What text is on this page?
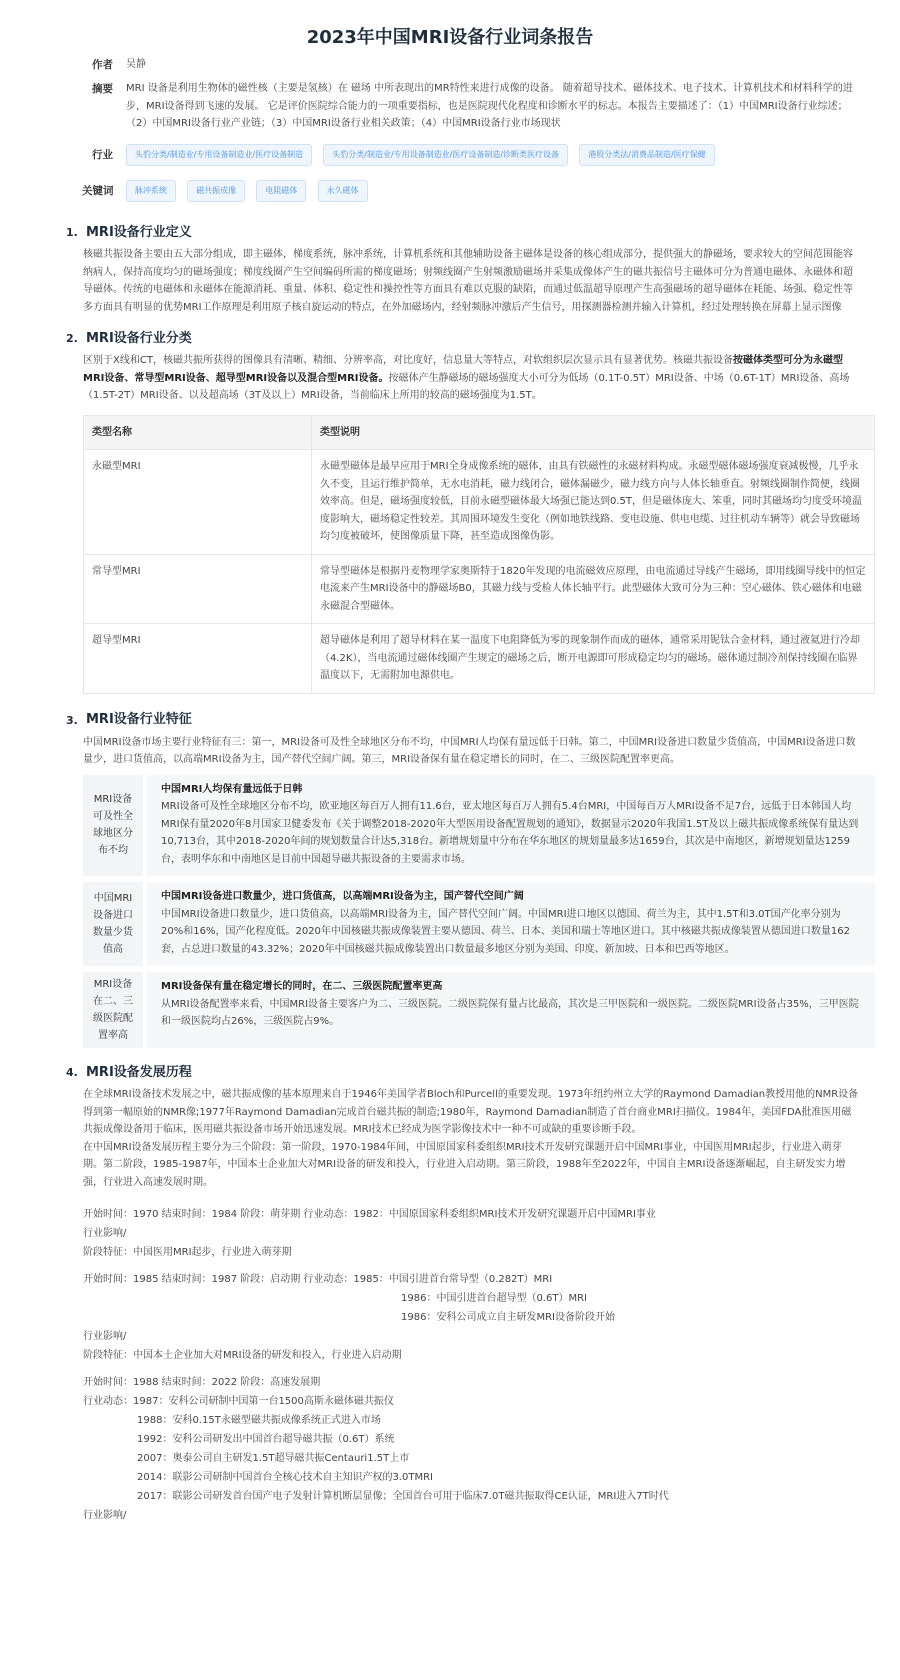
2023年中国MRI设备行业词条报告
作者	吴静
摘要	MRI 设备是利用生物体的磁性核（主要是氢核）在 磁场 中所表现出的MR特性来进行成像的设备。 随着超导技术、磁体技术、电子技术、计算机技术和材料科学的进步，MRI设备得到飞速的发展。 它是评价医院综合能力的一项重要指标，也是医院现代化程度和诊断水平的标志。本报告主要描述了：（1）中国MRI设备行业综述；（2）中国MRI设备行业产业链；（3）中国MRI设备行业相关政策；（4）中国MRI设备行业市场现状
行业	头豹分类/制造业/专用设备制造业/医疗设备制造	头豹分类/制造业/专用设备制造业/医疗设备制造/诊断类医疗设备	港股分类法/消费品制造/医疗保健
关键词	脉冲系统	磁共振成像	电阻磁体	永久磁体
1. MRI设备行业定义
核磁共振设备主要由五大部分组成，即主磁体，梯度系统，脉冲系统，计算机系统和其他辅助设备主磁体是设备的核心组成部分，提供强大的静磁场，要求较大的空间范围能容纳病人，保持高度均匀的磁场强度；梯度线圈产生空间编码所需的梯度磁场；射频线圈产生射频激励磁场并采集成像体产生的磁共振信号主磁体可分为普通电磁体、永磁体和超导磁体。传统的电磁体和永磁体在能源消耗、重量、体积、稳定性和操控性等方面具有难以克服的缺陷，而通过低温超导原理产生高强磁场的超导磁体在耗能、场强、稳定性等多方面具有明显的优势MRI工作原理是利用原子核自旋运动的特点，在外加磁场内，经射频脉冲激后产生信号，用探测器检测并输入计算机，经过处理转换在屏幕上显示图像
2. MRI设备行业分类
区别于X线和CT，核磁共振所获得的图像具有清晰、精细、分辨率高，对比度好，信息量大等特点，对软组织层次显示具有显著优势。核磁共振设备按磁体类型可分为永磁型MRI设备、常导型MRI设备、超导型MRI设备以及混合型MRI设备。按磁体产生静磁场的磁场强度大小可分为低场（0.1T-0.5T）MRI设备、中场（0.6T-1T）MRI设备、高场（1.5T-2T）MRI设备、以及超高场（3T及以上）MRI设备，当前临床上所用的较高的磁场强度为1.5T。
类型名称	类型说明
永磁型MRI	永磁型磁体是最早应用于MRI全身成像系统的磁体，由具有铁磁性的永磁材料构成。永磁型磁体磁场强度衰减极慢，几乎永久不变，且运行维护简单，无水电消耗，磁力线闭合，磁体漏磁少，磁力线方向与人体长轴垂直。射频线圈制作简便，线圈效率高。但是，磁场强度较低，目前永磁型磁体最大场强已能达到0.5T，但是磁体庞大、笨重，同时其磁场均匀度受环境温度影响大，磁场稳定性较差。其周围环境发生变化（例如地铁线路、变电设施、供电电缆、过往机动车辆等）就会导致磁场均匀度被破坏，使图像质量下降，甚至造成图像伪影。
常导型MRI	常导型磁体是根据丹麦物理学家奥斯特于1820年发现的电流磁效应原理，由电流通过导线产生磁场，即用线圈导线中的恒定电流来产生MRI设备中的静磁场B0，其磁力线与受检人体长轴平行。此型磁体大致可分为三种：空心磁体、铁心磁体和电磁永磁混合型磁体。
超导型MRI	超导磁体是利用了超导材料在某一温度下电阻降低为零的现象制作而成的磁体，通常采用铌钛合金材料，通过液氦进行冷却（4.2K），当电流通过磁体线圈产生规定的磁场之后，断开电源即可形成稳定均匀的磁场。磁体通过制冷剂保持线圈在临界温度以下，无需附加电源供电。
3. MRI设备行业特征
中国MRI设备市场主要行业特征有三：第一，MRI设备可及性全球地区分布不均，中国MRI人均保有量远低于日韩。第二，中国MRI设备进口数量少货值高，中国MRI设备进口数量少，进口货值高，以高端MRI设备为主，国产替代空间广阔。第三，MRI设备保有量在稳定增长的同时，在二、三级医院配置率更高。
MRI设备可及性全球地区分布不均
中国MRI人均保有量远低于日韩
MRI设备可及性全球地区分布不均，欧亚地区每百万人拥有11.6台，亚太地区每百万人拥有5.4台MRI，中国每百万人MRI设备不足7台，远低于日本韩国人均MRI保有量2020年8月国家卫健委发布《关于调整2018-2020年大型医用设备配置规划的通知》，数据显示2020年我国1.5T及以上磁共振成像系统保有量达到10,713台，其中2018-2020年间的规划数量合计达5,318台。新增规划量中分布在华东地区的规划量最多达1659台，其次是中南地区，新增规划量达1259台，表明华东和中南地区是目前中国超导磁共振设备的主要需求市场。
中国MRI设备进口数量少货值高
中国MRI设备进口数量少，进口货值高，以高端MRI设备为主，国产替代空间广阔
中国MRI设备进口数量少，进口货值高，以高端MRI设备为主，国产替代空间广阔。中国MRI进口地区以德国、荷兰为主，其中1.5T和3.0T国产化率分别为20%和16%，国产化程度低。2020年中国核磁共振成像装置主要从德国、荷兰、日本、美国和瑞士等地区进口。其中核磁共振成像装置从德国进口数量162套，占总进口数量的43.32%；2020年中国核磁共振成像装置出口数量最多地区分别为美国、印度、新加坡、日本和巴西等地区。
MRI设备在二、三级医院配置率高
MRI设备保有量在稳定增长的同时，在二、三级医院配置率更高
从MRI设备配置率来看，中国MRI设备主要客户为二、三级医院。二级医院保有量占比最高，其次是三甲医院和一级医院。二级医院MRI设备占35%，三甲医院和一级医院均占26%，三级医院占9%。
4. MRI设备发展历程
在全球MRI设备技术发展之中，磁共振成像的基本原理来自于1946年美国学者Bloch和Purcell的重要发现。1973年纽约州立大学的Raymond Damadian教授用他的NMR设备得到第一幅原始的NMR像;1977年Raymond Damadian完成首台磁共振的制造;1980年，Raymond Damadian制造了首台商业MRI扫描仪。1984年，美国FDA批准医用磁共振成像设备用于临床，医用磁共振设备市场开始迅速发展。MRI技术已经成为医学影像技术中一种不可或缺的重要诊断手段。
在中国MRI设备发展历程主要分为三个阶段：第一阶段，1970-1984年间，中国原国家科委组织MRI技术开发研究课题开启中国MRI事业，中国医用MRI起步，行业进入萌芽期。第二阶段，1985-1987年，中国本土企业加大对MRI设备的研发和投入，行业进入启动期。第三阶段，1988年至2022年，中国自主MRI设备逐渐崛起，自主研发实力增强，行业进入高速发展时期。
开始时间：1970 结束时间：1984 阶段：萌芽期 行业动态：1982：中国原国家科委组织MRI技术开发研究课题开启中国MRI事业
行业影响/
阶段特征： 中国医用MRI起步，行业进入萌芽期
开始时间：1985 结束时间：1987 阶段：启动期 行业动态：1985：中国引进首台常导型（0.282T）MRI
1986：中国引进首台超导型（0.6T）MRI
1986：安科公司成立自主研发MRI设备阶段开始
行业影响/
阶段特征： 中国本土企业加大对MRI设备的研发和投入，行业进入启动期
开始时间：1988 结束时间：2022 阶段：高速发展期
行业动态： 1987：安科公司研制中国第一台1500高斯永磁体磁共振仪
1988：安科0.15T永磁型磁共振成像系统正式进入市场
1992：安科公司研发出中国首台超导磁共振（0.6T）系统
2007：奥泰公司自主研发1.5T超导磁共振Centauri1.5T上市
2014：联影公司研制中国首台全核心技术自主知识产权的3.0TMRI
2017：联影公司研发首台国产电子发射计算机断层显像；全国首台可用于临床7.0T磁共振取得CE认证，MRI进入7T时代
行业影响/
